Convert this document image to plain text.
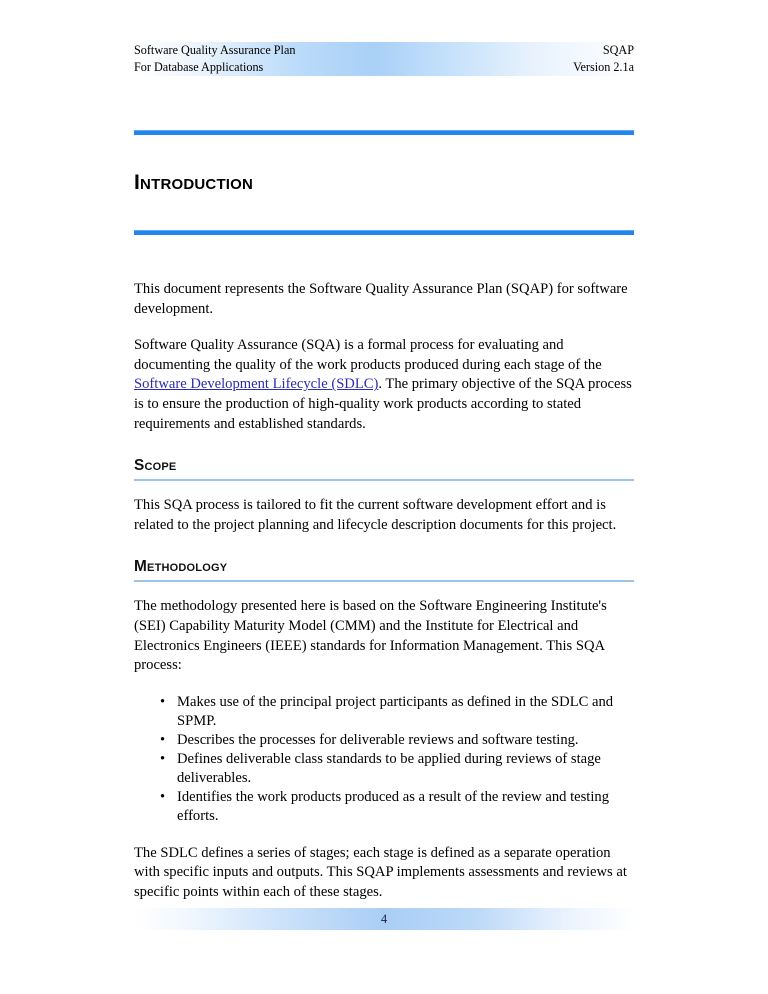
Software Quality Assurance Plan
For Database Applications
SQAP
Version 2.1a
Introduction

This document represents the Software Quality Assurance Plan (SQAP) for software development.

Software Quality Assurance (SQA) is a formal process for evaluating and documenting the quality of the work products produced during each stage of the Software Development Lifecycle (SDLC). The primary objective of the SQA process is to ensure the production of high-quality work products according to stated requirements and established standards.

Scope

This SQA process is tailored to fit the current software development effort and is related to the project planning and lifecycle description documents for this project.

Methodology

The methodology presented here is based on the Software Engineering Institute's (SEI) Capability Maturity Model (CMM) and the Institute for Electrical and Electronics Engineers (IEEE) standards for Information Management. This SQA process:

• Makes use of the principal project participants as defined in the SDLC and SPMP.
• Describes the processes for deliverable reviews and software testing.
• Defines deliverable class standards to be applied during reviews of stage deliverables.
• Identifies the work products produced as a result of the review and testing efforts.

The SDLC defines a series of stages; each stage is defined as a separate operation with specific inputs and outputs. This SQAP implements assessments and reviews at specific points within each of these stages.

4
